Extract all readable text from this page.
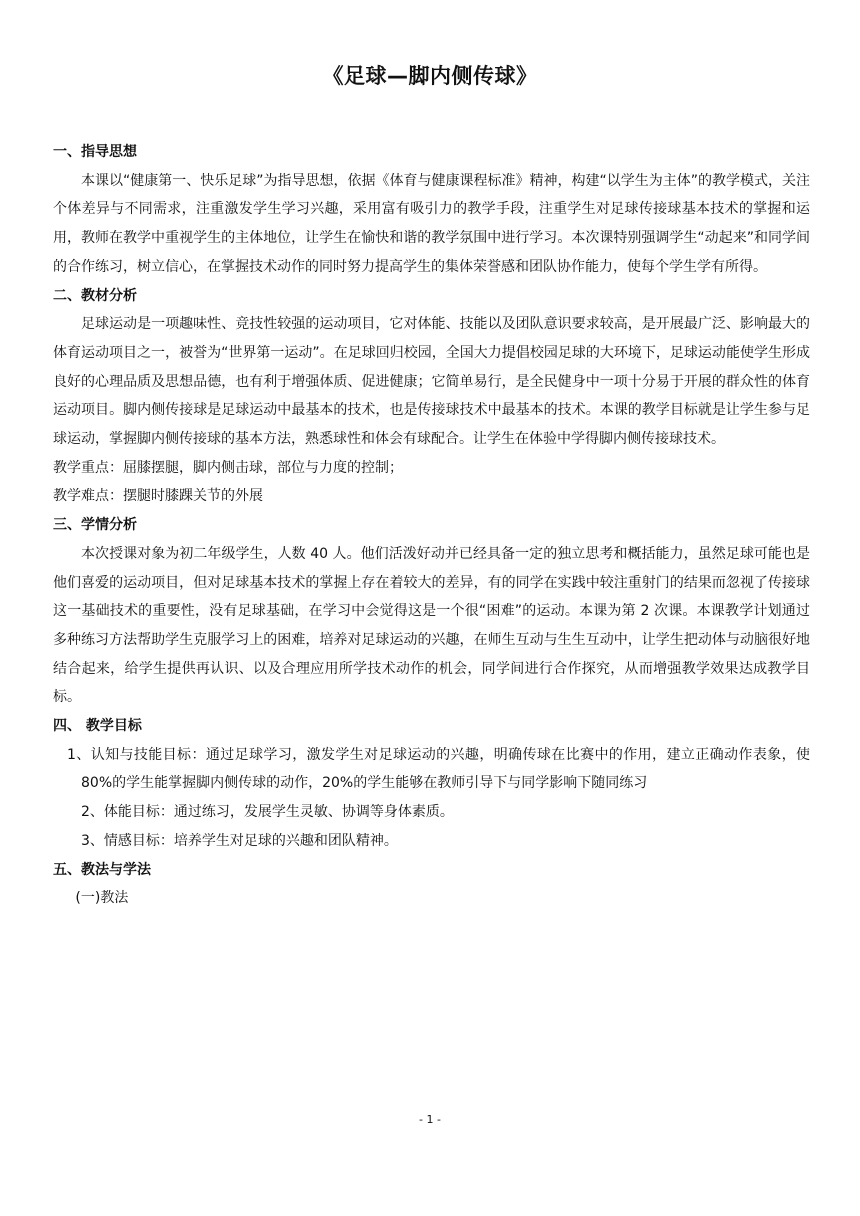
《足球—脚内侧传球》
一、指导思想

本课以“健康第一、快乐足球”为指导思想，依据《体育与健康课程标准》精神，构建“以学生为主体”的教学模式，关注个体差异与不同需求，注重激发学生学习兴趣，采用富有吸引力的教学手段，注重学生对足球传接球基本技术的掌握和运用，教师在教学中重视学生的主体地位，让学生在愉快和谐的教学氛围中进行学习。本次课特别强调学生“动起来”和同学间的合作练习，树立信心，在掌握技术动作的同时努力提高学生的集体荣誉感和团队协作能力，使每个学生学有所得。

二、教材分析

足球运动是一项趣味性、竞技性较强的运动项目，它对体能、技能以及团队意识要求较高，是开展最广泛、影响最大的体育运动项目之一，被誉为“世界第一运动”。在足球回归校园，全国大力提倡校园足球的大环境下，足球运动能使学生形成良好的心理品质及思想品德，也有利于增强体质、促进健康；它简单易行，是全民健身中一项十分易于开展的群众性的体育运动项目。脚内侧传接球是足球运动中最基本的技术，也是传接球技术中最基本的技术。本课的教学目标就是让学生参与足球运动，掌握脚内侧传接球的基本方法，熟悉球性和体会有球配合。让学生在体验中学得脚内侧传接球技术。

教学重点：屈膝摆腿，脚内侧击球，部位与力度的控制；

教学难点：摆腿时膝踝关节的外展

三、学情分析

本次授课对象为初二年级学生，人数 40 人。他们活泼好动并已经具备一定的独立思考和概括能力，虽然足球可能也是他们喜爱的运动项目，但对足球基本技术的掌握上存在着较大的差异，有的同学在实践中较注重射门的结果而忽视了传接球这一基础技术的重要性，没有足球基础，在学习中会觉得这是一个很“困难”的运动。本课为第 2 次课。本课教学计划通过多种练习方法帮助学生克服学习上的困难，培养对足球运动的兴趣，在师生互动与生生互动中，让学生把动体与动脑很好地结合起来，给学生提供再认识、以及合理应用所学技术动作的机会，同学间进行合作探究，从而增强教学效果达成教学目标。

四、 教学目标

1、认知与技能目标：通过足球学习，激发学生对足球运动的兴趣，明确传球在比赛中的作用，建立正确动作表象，使80%的学生能掌握脚内侧传球的动作，20%的学生能够在教师引导下与同学影响下随同练习

2、体能目标：通过练习，发展学生灵敏、协调等身体素质。

3、情感目标：培养学生对足球的兴趣和团队精神。

五、教法与学法

(一)教法

- 1 -
